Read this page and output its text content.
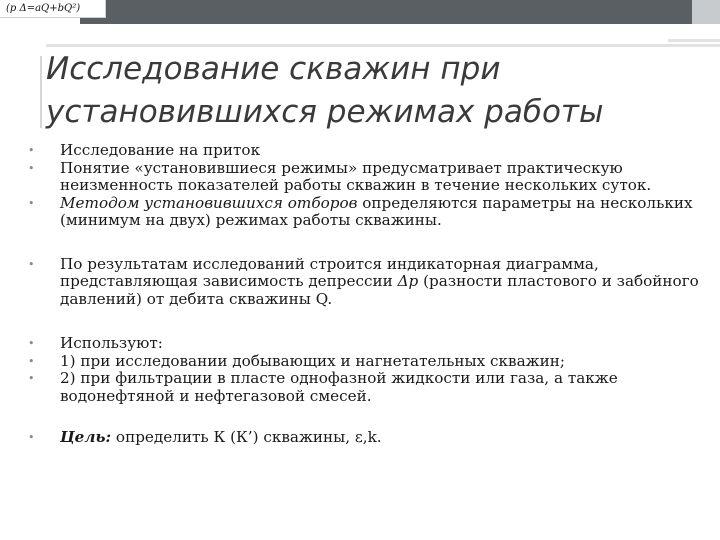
(p Δ=aQ+bQ²)
Исследование скважин при установившихся режимах работы

• Исследование на приток

• Понятие «установившиеся режимы» предусматривает практическую неизменность показателей работы скважин в течение нескольких суток.

• Методом установившихся отборов определяются параметры на нескольких (минимум на двух) режимах работы скважины.

• По результатам исследований строится индикаторная диаграмма, представляющая зависимость депрессии Δp (разности пластового и забойного давлений) от дебита скважины Q.

• Используют:

• 1) при исследовании добывающих и нагнетательных скважин;

• 2) при фильтрации в пласте однофазной жидкости или газа, а также водонефтяной и нефтегазовой смесей.

• Цель: определить К (К’) скважины, ε,k.
